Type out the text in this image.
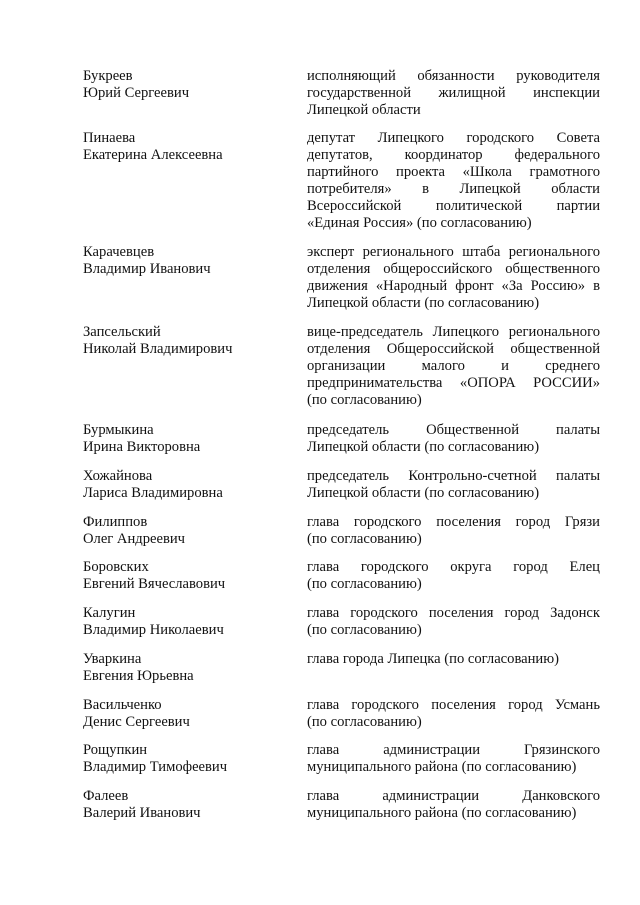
Букреев
Юрий Сергеевич
исполняющий обязанности руководителя
государственной жилищной инспекции
Липецкой области
Пинаева
Екатерина Алексеевна
депутат Липецкого городского Совета
депутатов, координатор федерального
партийного проекта «Школа грамотного
потребителя» в Липецкой области
Всероссийской политической партии
«Единая Россия» (по согласованию)
Карачевцев
Владимир Иванович
эксперт регионального штаба регионального
отделения общероссийского общественного
движения «Народный фронт «За Россию» в
Липецкой области (по согласованию)
Запсельский
Николай Владимирович
вице-председатель Липецкого регионального
отделения Общероссийской общественной
организации малого и среднего
предпринимательства «ОПОРА РОССИИ»
(по согласованию)
Бурмыкина
Ирина Викторовна
председатель Общественной палаты
Липецкой области (по согласованию)
Хожайнова
Лариса Владимировна
председатель Контрольно-счетной палаты
Липецкой области (по согласованию)
Филиппов
Олег Андреевич
глава городского поселения город Грязи
(по согласованию)
Боровских
Евгений Вячеславович
глава городского округа город Елец
(по согласованию)
Калугин
Владимир Николаевич
глава городского поселения город Задонск
(по согласованию)
Уваркина
Евгения Юрьевна
глава города Липецка (по согласованию)
Васильченко
Денис Сергеевич
глава городского поселения город Усмань
(по согласованию)
Рощупкин
Владимир Тимофеевич
глава администрации Грязинского
муниципального района (по согласованию)
Фалеев
Валерий Иванович
глава администрации Данковского
муниципального района (по согласованию)
